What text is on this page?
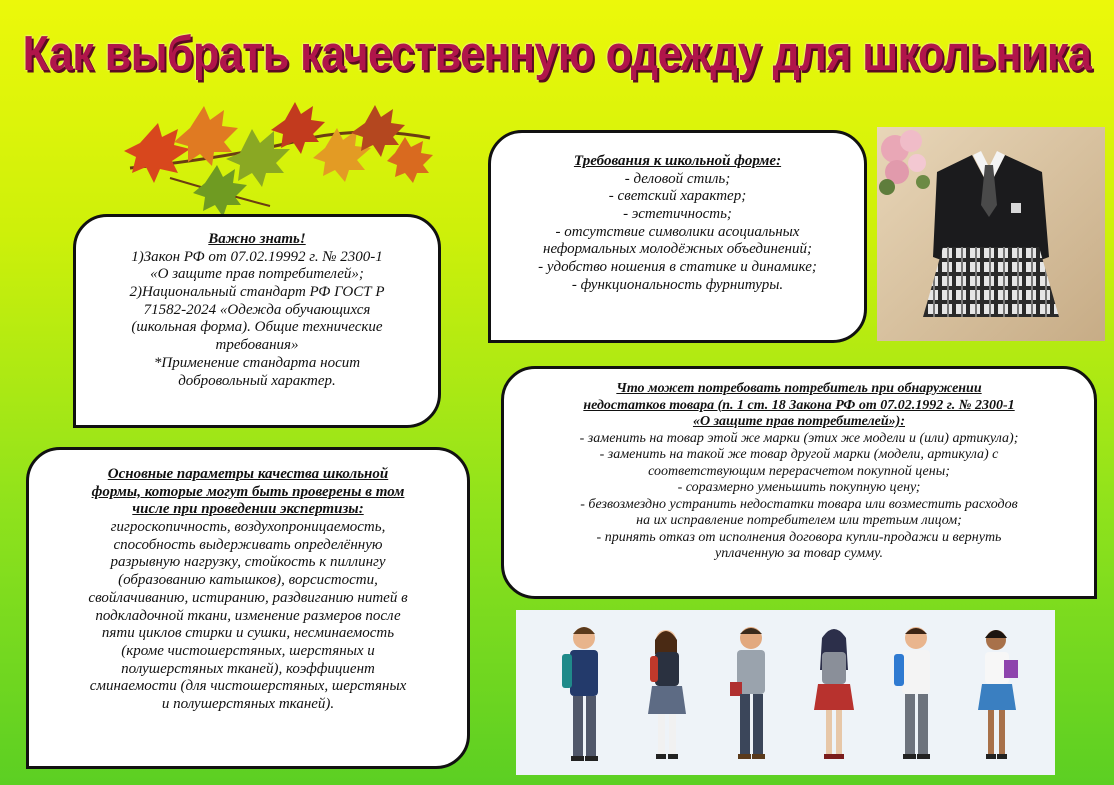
Как выбрать качественную одежду для школьника
Важно знать!
1)Закон РФ от 07.02.19992 г. № 2300-1
«О защите прав потребителей»;
2)Национальный стандарт РФ ГОСТ Р
71582-2024 «Одежда обучающихся
(школьная форма). Общие технические
требования»
*Применение стандарта носит
добровольный характер.
Требования к школьной форме:
- деловой стиль;
- светский характер;
- эстетичность;
- отсутствие символики асоциальных
неформальных молодёжных объединений;
- удобство ношения в статике и динамике;
- функциональность фурнитуры.
Что может потребовать потребитель при обнаружении
недостатков товара (п. 1 ст. 18 Закона РФ от 07.02.1992 г. № 2300-1
«О защите прав потребителей»):
- заменить на товар этой же марки (этих же модели и (или) артикула);
- заменить на такой же товар другой марки (модели, артикула) с
соответствующим перерасчетом покупной цены;
- соразмерно уменьшить покупную цену;
- безвозмездно устранить недостатки товара или возместить расходов
на их исправление потребителем или третьим лицом;
- принять отказ от исполнения договора купли-продажи и вернуть
уплаченную за товар сумму.
Основные параметры качества школьной
формы, которые могут быть проверены в том
числе при проведении экспертизы:
гигроскопичность, воздухопроницаемость,
способность выдерживать определённую
разрывную нагрузку, стойкость к пиллингу
(образованию катышков), ворсистости,
свойлачиванию, истиранию, раздвиганию нитей в
подкладочной ткани, изменение размеров после
пяти циклов стирки и сушки, несминаемость
(кроме чистошерстяных, шерстяных и
полушерстяных тканей), коэффициент
сминаемости (для чистошерстяных, шерстяных
и полушерстяных тканей).
